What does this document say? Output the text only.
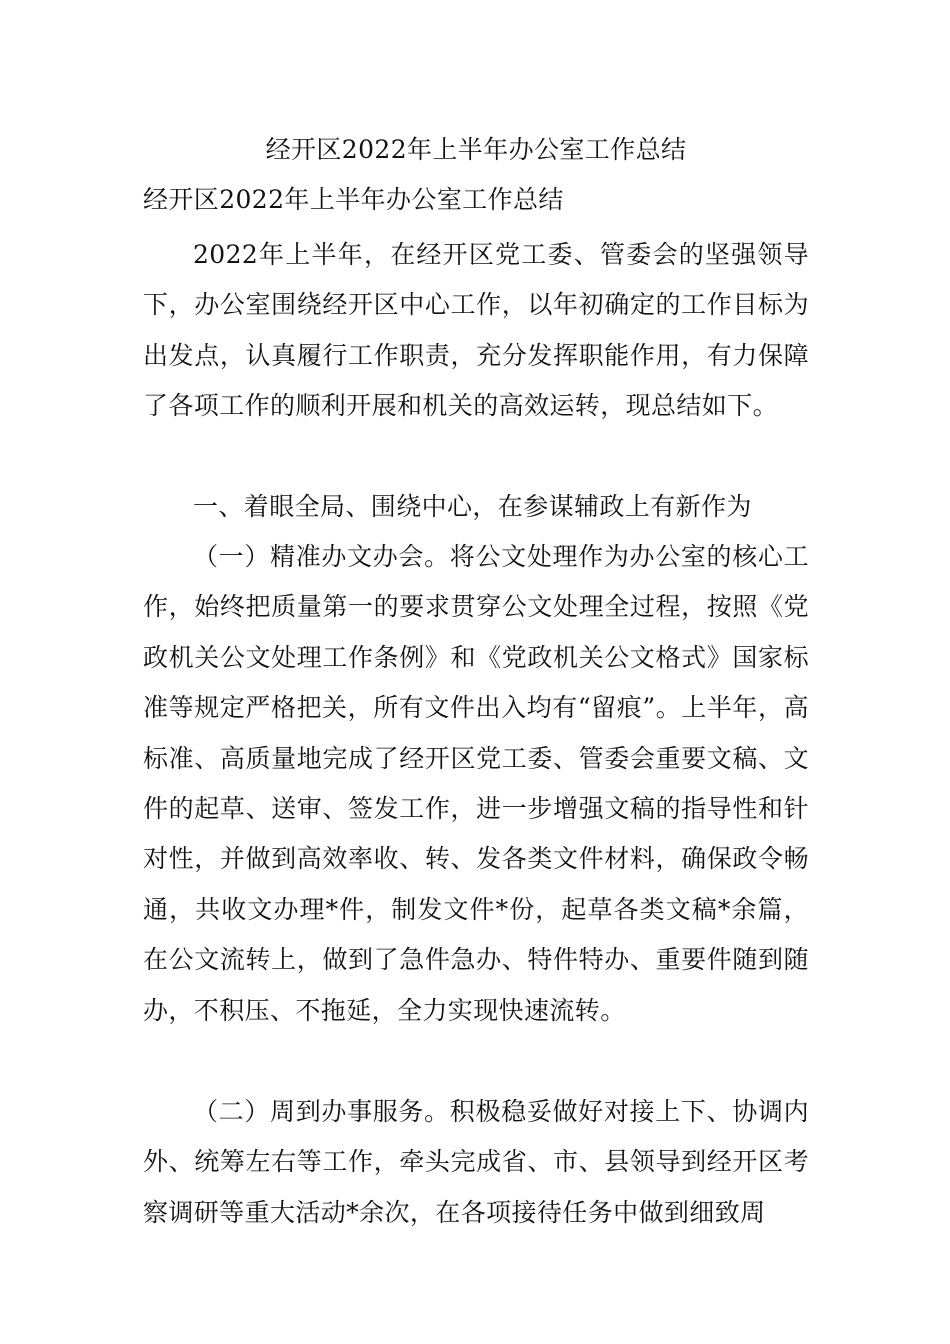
经开区2022年上半年办公室工作总结
经开区2022年上半年办公室工作总结
2022年上半年，在经开区党工委、管委会的坚强领导下，办公室围绕经开区中心工作，以年初确定的工作目标为出发点，认真履行工作职责，充分发挥职能作用，有力保障了各项工作的顺利开展和机关的高效运转，现总结如下。
一、着眼全局、围绕中心，在参谋辅政上有新作为
（一）精准办文办会。将公文处理作为办公室的核心工作，始终把质量第一的要求贯穿公文处理全过程，按照《党政机关公文处理工作条例》和《党政机关公文格式》国家标准等规定严格把关，所有文件出入均有“留痕”。上半年，高标准、高质量地完成了经开区党工委、管委会重要文稿、文件的起草、送审、签发工作，进一步增强文稿的指导性和针对性，并做到高效率收、转、发各类文件材料，确保政令畅通，共收文办理*件，制发文件*份，起草各类文稿*余篇，在公文流转上，做到了急件急办、特件特办、重要件随到随办，不积压、不拖延，全力实现快速流转。
（二）周到办事服务。积极稳妥做好对接上下、协调内外、统筹左右等工作，牵头完成省、市、县领导到经开区考察调研等重大活动*余次，在各项接待任务中做到细致周
